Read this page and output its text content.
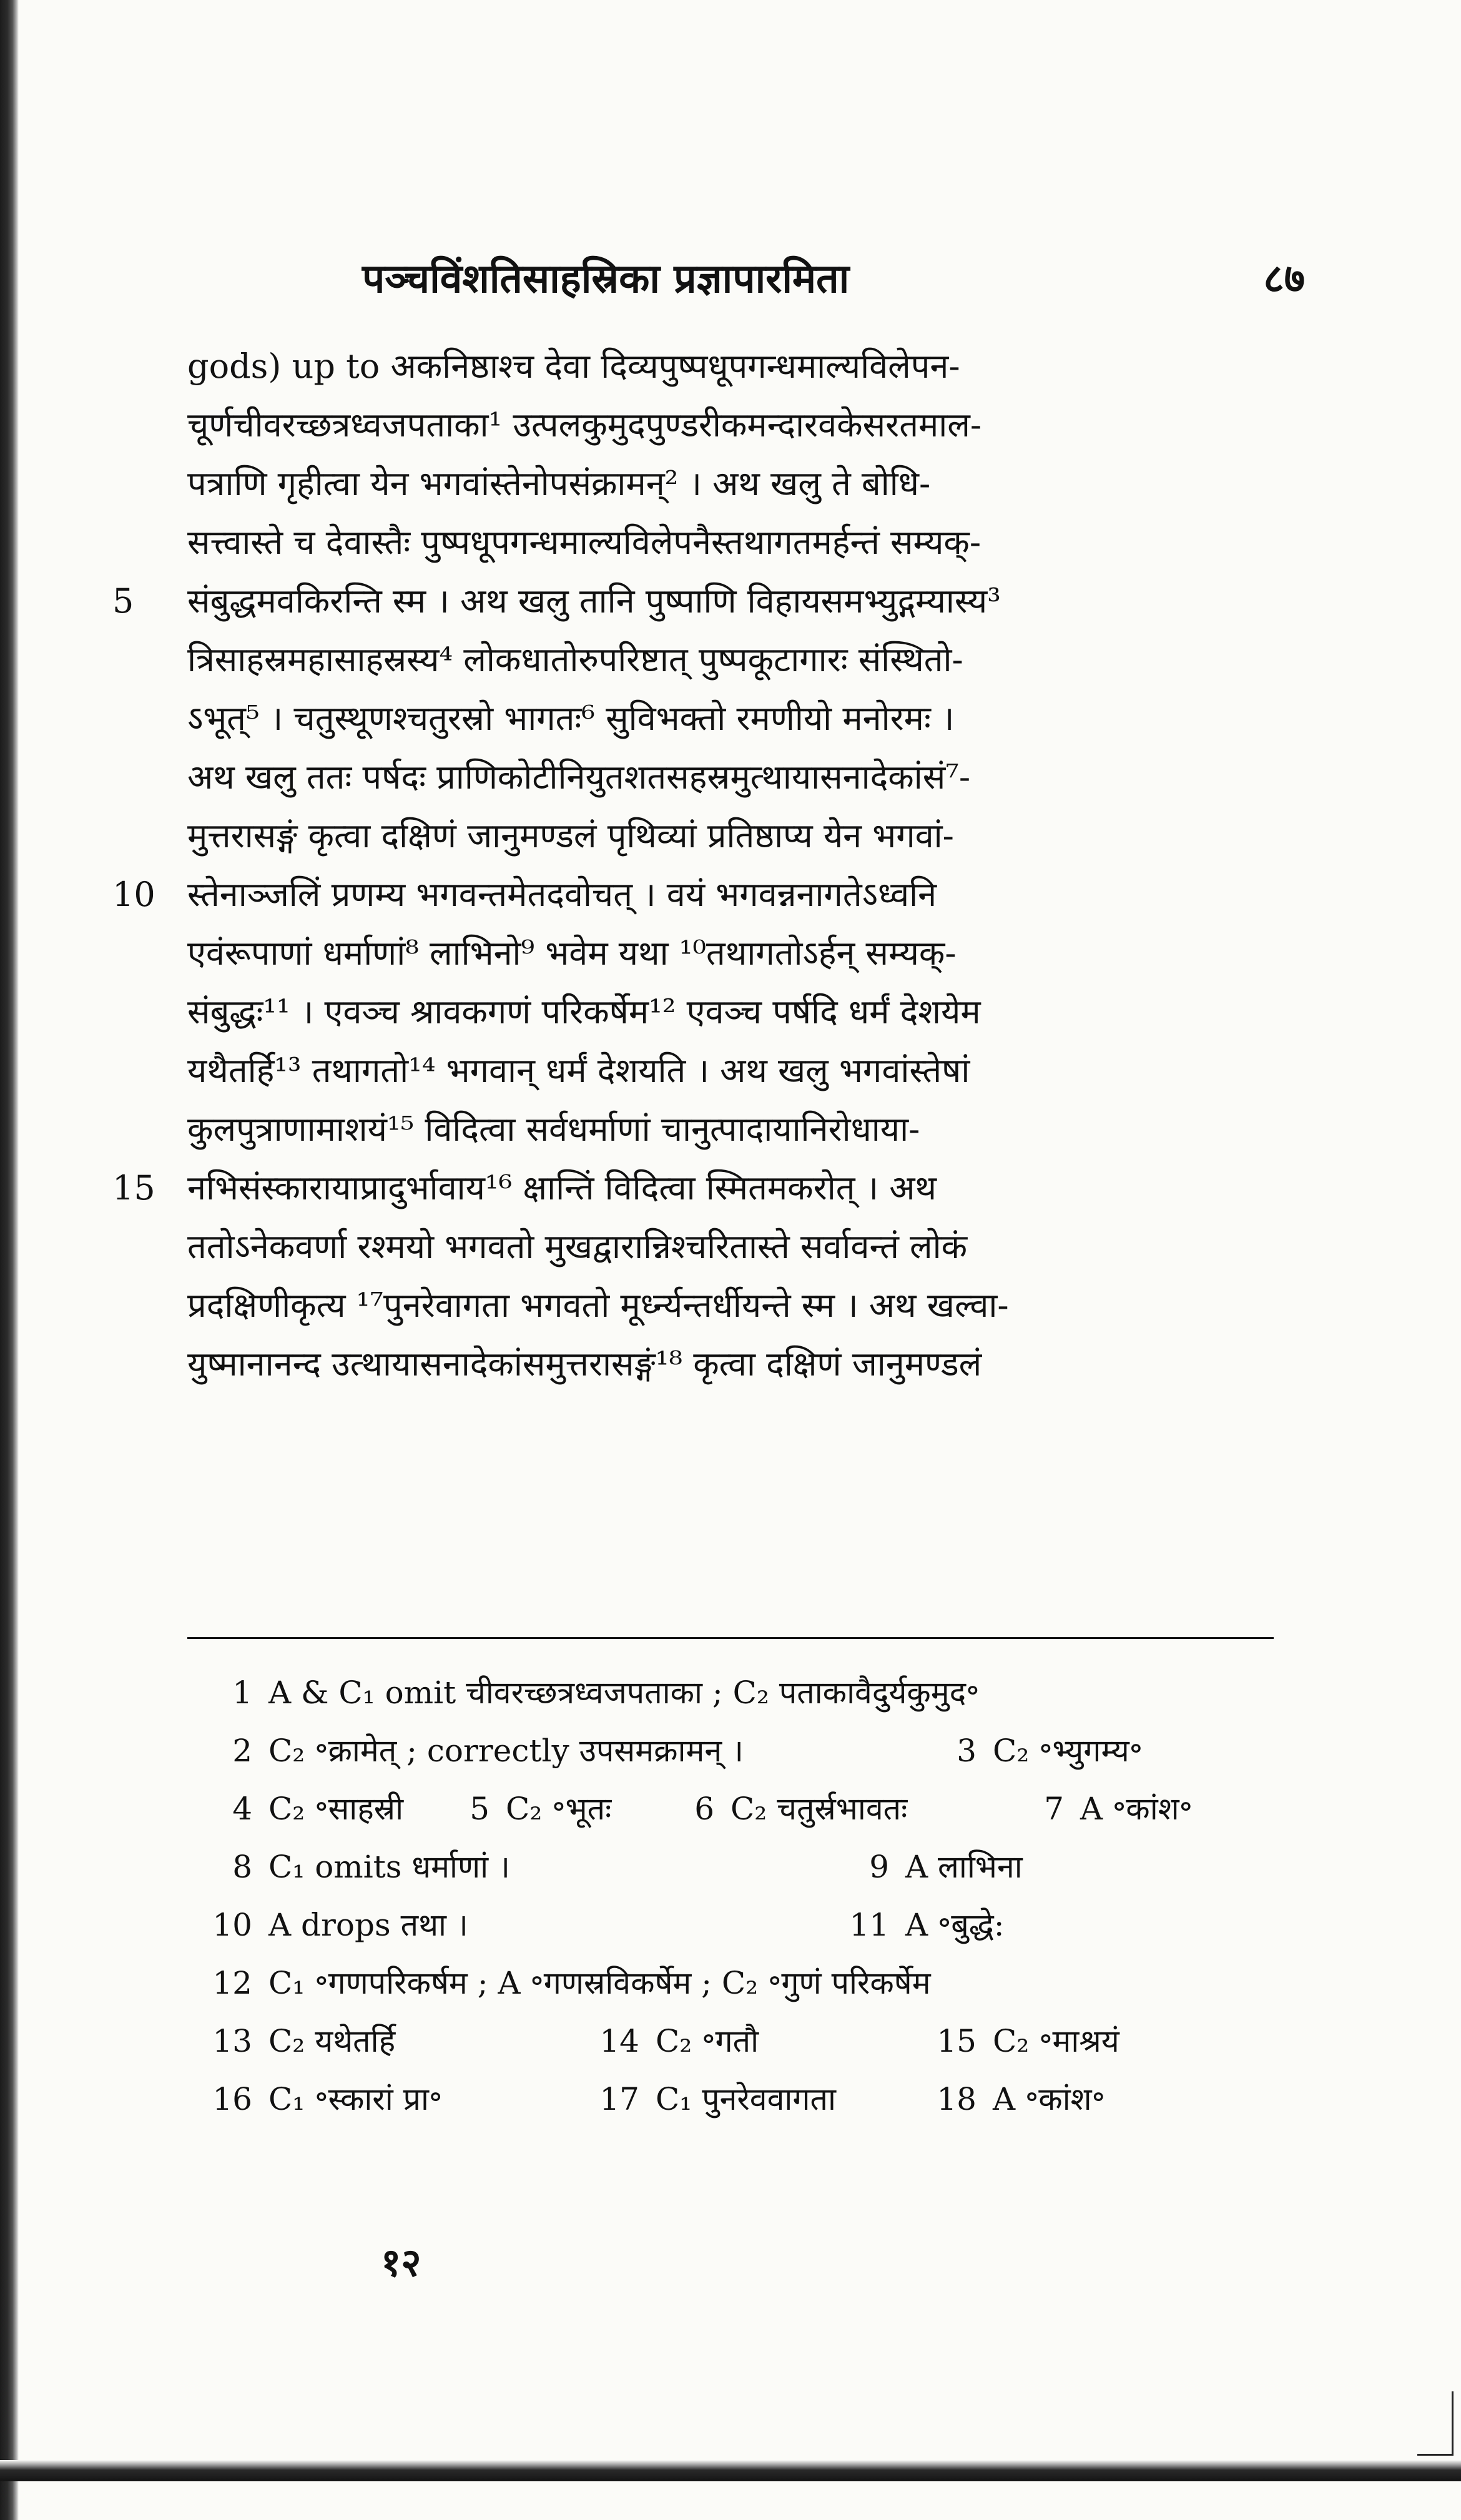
पञ्चविंशतिसाहस्रिका प्रज्ञापारमिता	८७
gods) up to अकनिष्ठाश्च देवा दिव्यपुष्पधूपगन्धमाल्यविलेपन-
चूर्णचीवरच्छत्रध्वजपताका¹ उत्पलकुमुदपुण्डरीकमन्दारवकेसरतमाल-
पत्राणि गृहीत्वा येन भगवांस्तेनोपसंक्रामन्² । अथ खलु ते बोधि-
सत्त्वास्ते च देवास्तैः पुष्पधूपगन्धमाल्यविलेपनैस्तथागतमर्हन्तं सम्यक्-
5	संबुद्धमवकिरन्ति स्म । अथ खलु तानि पुष्पाणि विहायसमभ्युद्गम्यास्य³
त्रिसाहस्रमहासाहस्रस्य⁴ लोकधातोरुपरिष्टात् पुष्पकूटागारः संस्थितो-
ऽभूत्⁵ । चतुस्थूणश्चतुरस्रो भागतः⁶ सुविभक्तो रमणीयो मनोरमः ।
अथ खलु ततः पर्षदः प्राणिकोटीनियुतशतसहस्रमुत्थायासनादेकांसं⁷-
मुत्तरासङ्गं कृत्वा दक्षिणं जानुमण्डलं पृथिव्यां प्रतिष्ठाप्य येन भगवां-
10 स्तेनाञ्जलिं प्रणम्य भगवन्तमेतदवोचत् । वयं भगवन्ननागतेऽध्वनि
एवंरूपाणां धर्माणां⁸ लाभिनो⁹ भवेम यथा ¹⁰तथागतोऽर्हन् सम्यक्-
संबुद्धः¹¹ । एवञ्च श्रावकगणं परिकर्षेम¹² एवञ्च पर्षदि धर्मं देशयेम
यथैतर्हि¹³ तथागतो¹⁴ भगवान् धर्मं देशयति । अथ खलु भगवांस्तेषां
कुलपुत्राणामाशयं¹⁵ विदित्वा सर्वधर्माणां चानुत्पादायानिरोधाया-
15 नभिसंस्कारायाप्रादुर्भावाय¹⁶ क्षान्तिं विदित्वा स्मितमकरोत् । अथ
ततोऽनेकवर्णा रश्मयो भगवतो मुखद्वारान्निश्चरितास्ते सर्वावन्तं लोकं
प्रदक्षिणीकृत्य ¹⁷पुनरेवागता भगवतो मूर्ध्न्यन्तर्धीयन्ते स्म । अथ खल्वा-
युष्मानानन्द उत्थायासनादेकांसमुत्तरासङ्गं¹⁸ कृत्वा दक्षिणं जानुमण्डलं
1 A & C₁ omit चीवरच्छत्रध्वजपताका ; C₂ पताकावैदुर्यकुमुद॰
2 C₂ ॰क्रामेत् ; correctly उपसमक्रामन् ।	3 C₂ ॰भ्युगम्य॰
4 C₂ ॰साहस्री	5 C₂ ॰भूतः	6 C₂ चतुर्स्रभावतः	7 A ॰कांश॰
8 C₁ omits धर्माणां ।	9 A लाभिना
10 A drops तथा ।	11 A ॰बुद्धे:
12 C₁ ॰गणपरिकर्षम ; A ॰गणस्रविकर्षेम ; C₂ ॰गुणं परिकर्षेम
13 C₂ यथेतर्हि	14 C₂ ॰गतौ	15 C₂ ॰माश्रयं
16 C₁ ॰स्कारां प्रा॰	17 C₁ पुनरेववागता	18 A ॰कांश॰
१२
